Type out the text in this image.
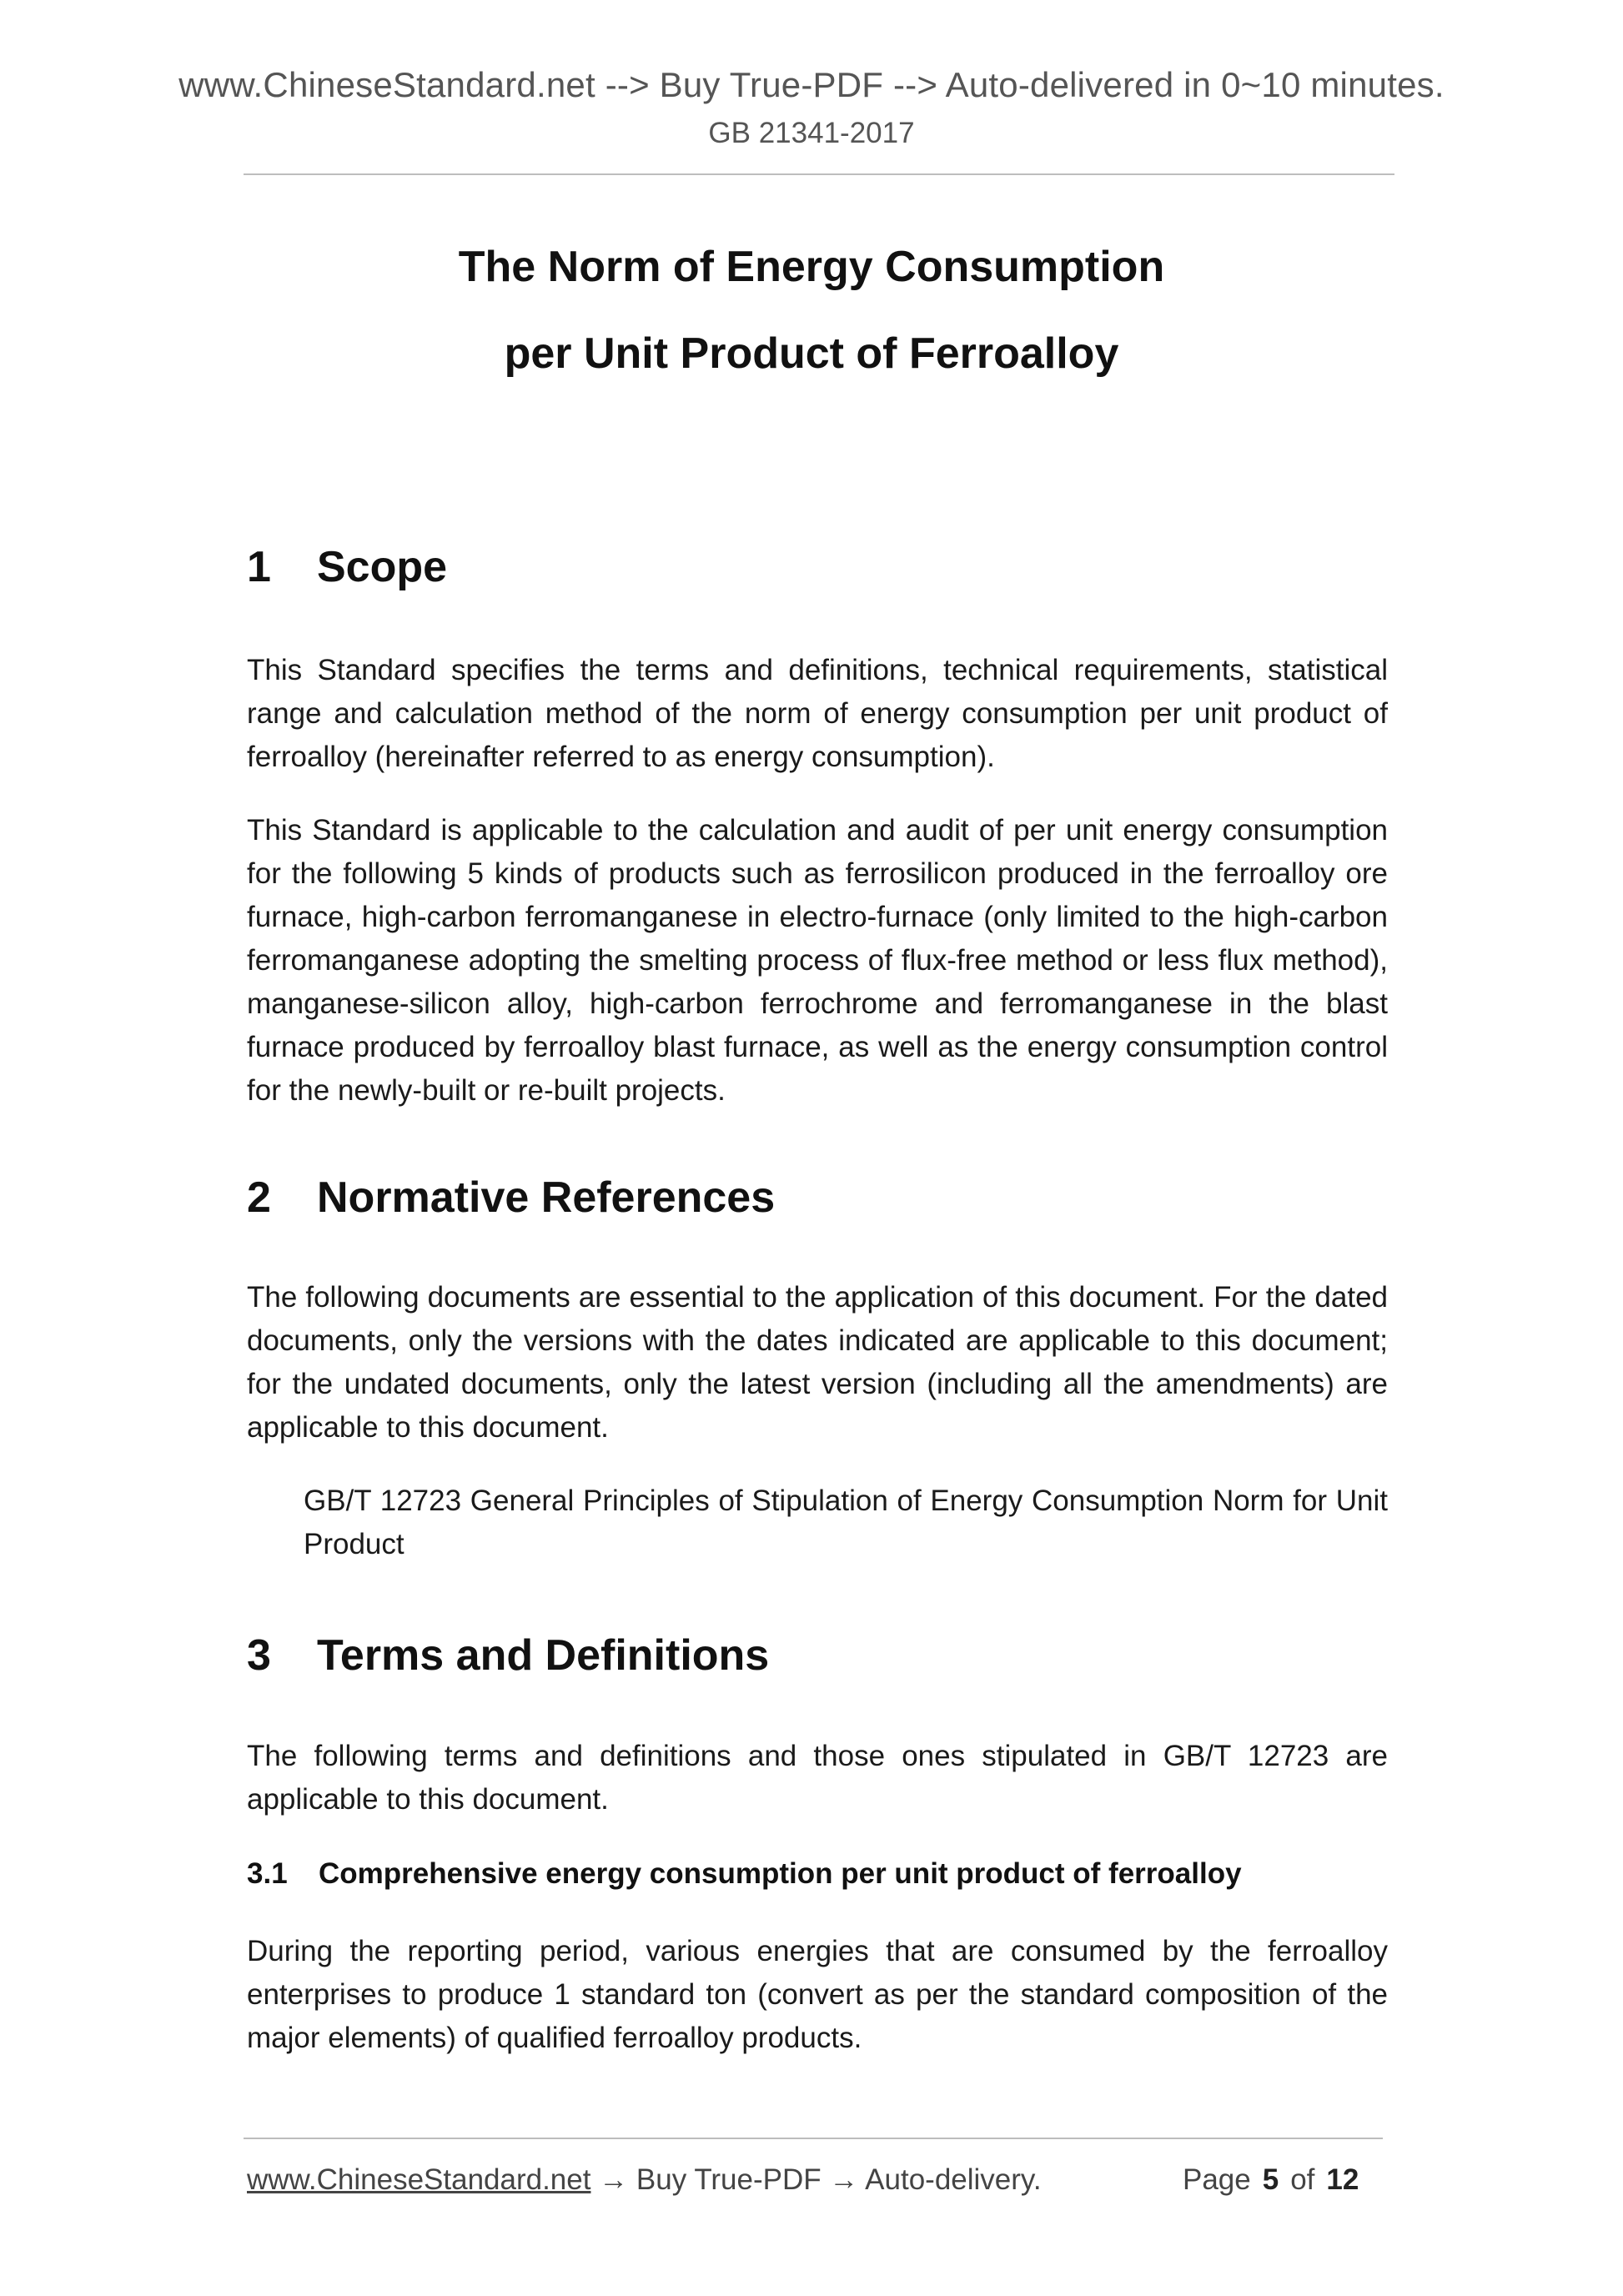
www.ChineseStandard.net --> Buy True-PDF --> Auto-delivered in 0~10 minutes.
GB 21341-2017
The Norm of Energy Consumption
per Unit Product of Ferroalloy
1 Scope
This Standard specifies the terms and definitions, technical requirements, statistical range and calculation method of the norm of energy consumption per unit product of ferroalloy (hereinafter referred to as energy consumption).
This Standard is applicable to the calculation and audit of per unit energy consumption for the following 5 kinds of products such as ferrosilicon produced in the ferroalloy ore furnace, high-carbon ferromanganese in electro-furnace (only limited to the high-carbon ferromanganese adopting the smelting process of flux-free method or less flux method), manganese-silicon alloy, high-carbon ferrochrome and ferromanganese in the blast furnace produced by ferroalloy blast furnace, as well as the energy consumption control for the newly-built or re-built projects.
2 Normative References
The following documents are essential to the application of this document. For the dated documents, only the versions with the dates indicated are applicable to this document; for the undated documents, only the latest version (including all the amendments) are applicable to this document.
GB/T 12723 General Principles of Stipulation of Energy Consumption Norm for Unit Product
3 Terms and Definitions
The following terms and definitions and those ones stipulated in GB/T 12723 are applicable to this document.
3.1 Comprehensive energy consumption per unit product of ferroalloy
During the reporting period, various energies that are consumed by the ferroalloy enterprises to produce 1 standard ton (convert as per the standard composition of the major elements) of qualified ferroalloy products.
www.ChineseStandard.net → Buy True-PDF → Auto-delivery.	Page 5 of 12
